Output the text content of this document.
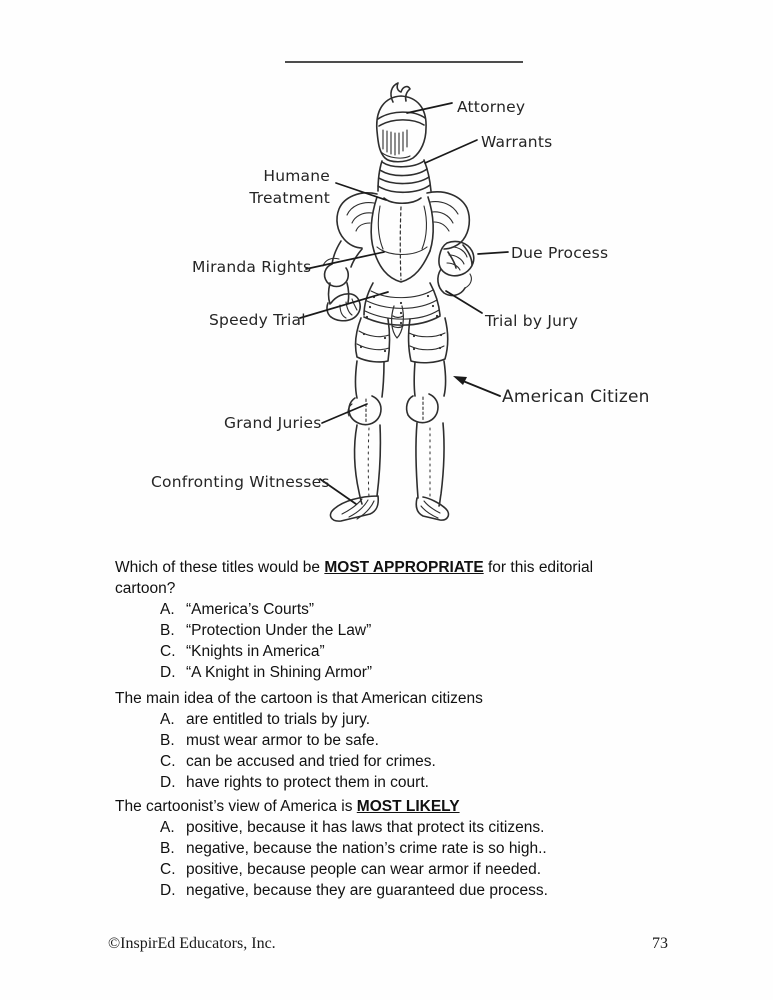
Attorney
Warrants
Humane Treatment
Miranda Rights
Due Process
Speedy Trial	Trial by Jury
American Citizen
Grand Juries
Confronting Witnesses
Which of these titles would be MOST APPROPRIATE for this editorial cartoon?
A. “America’s Courts”
B. “Protection Under the Law”
C. “Knights in America”
D. “A Knight in Shining Armor”
The main idea of the cartoon is that American citizens
A. are entitled to trials by jury.
B. must wear armor to be safe.
C. can be accused and tried for crimes.
D. have rights to protect them in court.
The cartoonist’s view of America is MOST LIKELY
A. positive, because it has laws that protect its citizens.
B. negative, because the nation’s crime rate is so high..
C. positive, because people can wear armor if needed.
D. negative, because they are guaranteed due process.
©InspirEd Educators, Inc.	73
